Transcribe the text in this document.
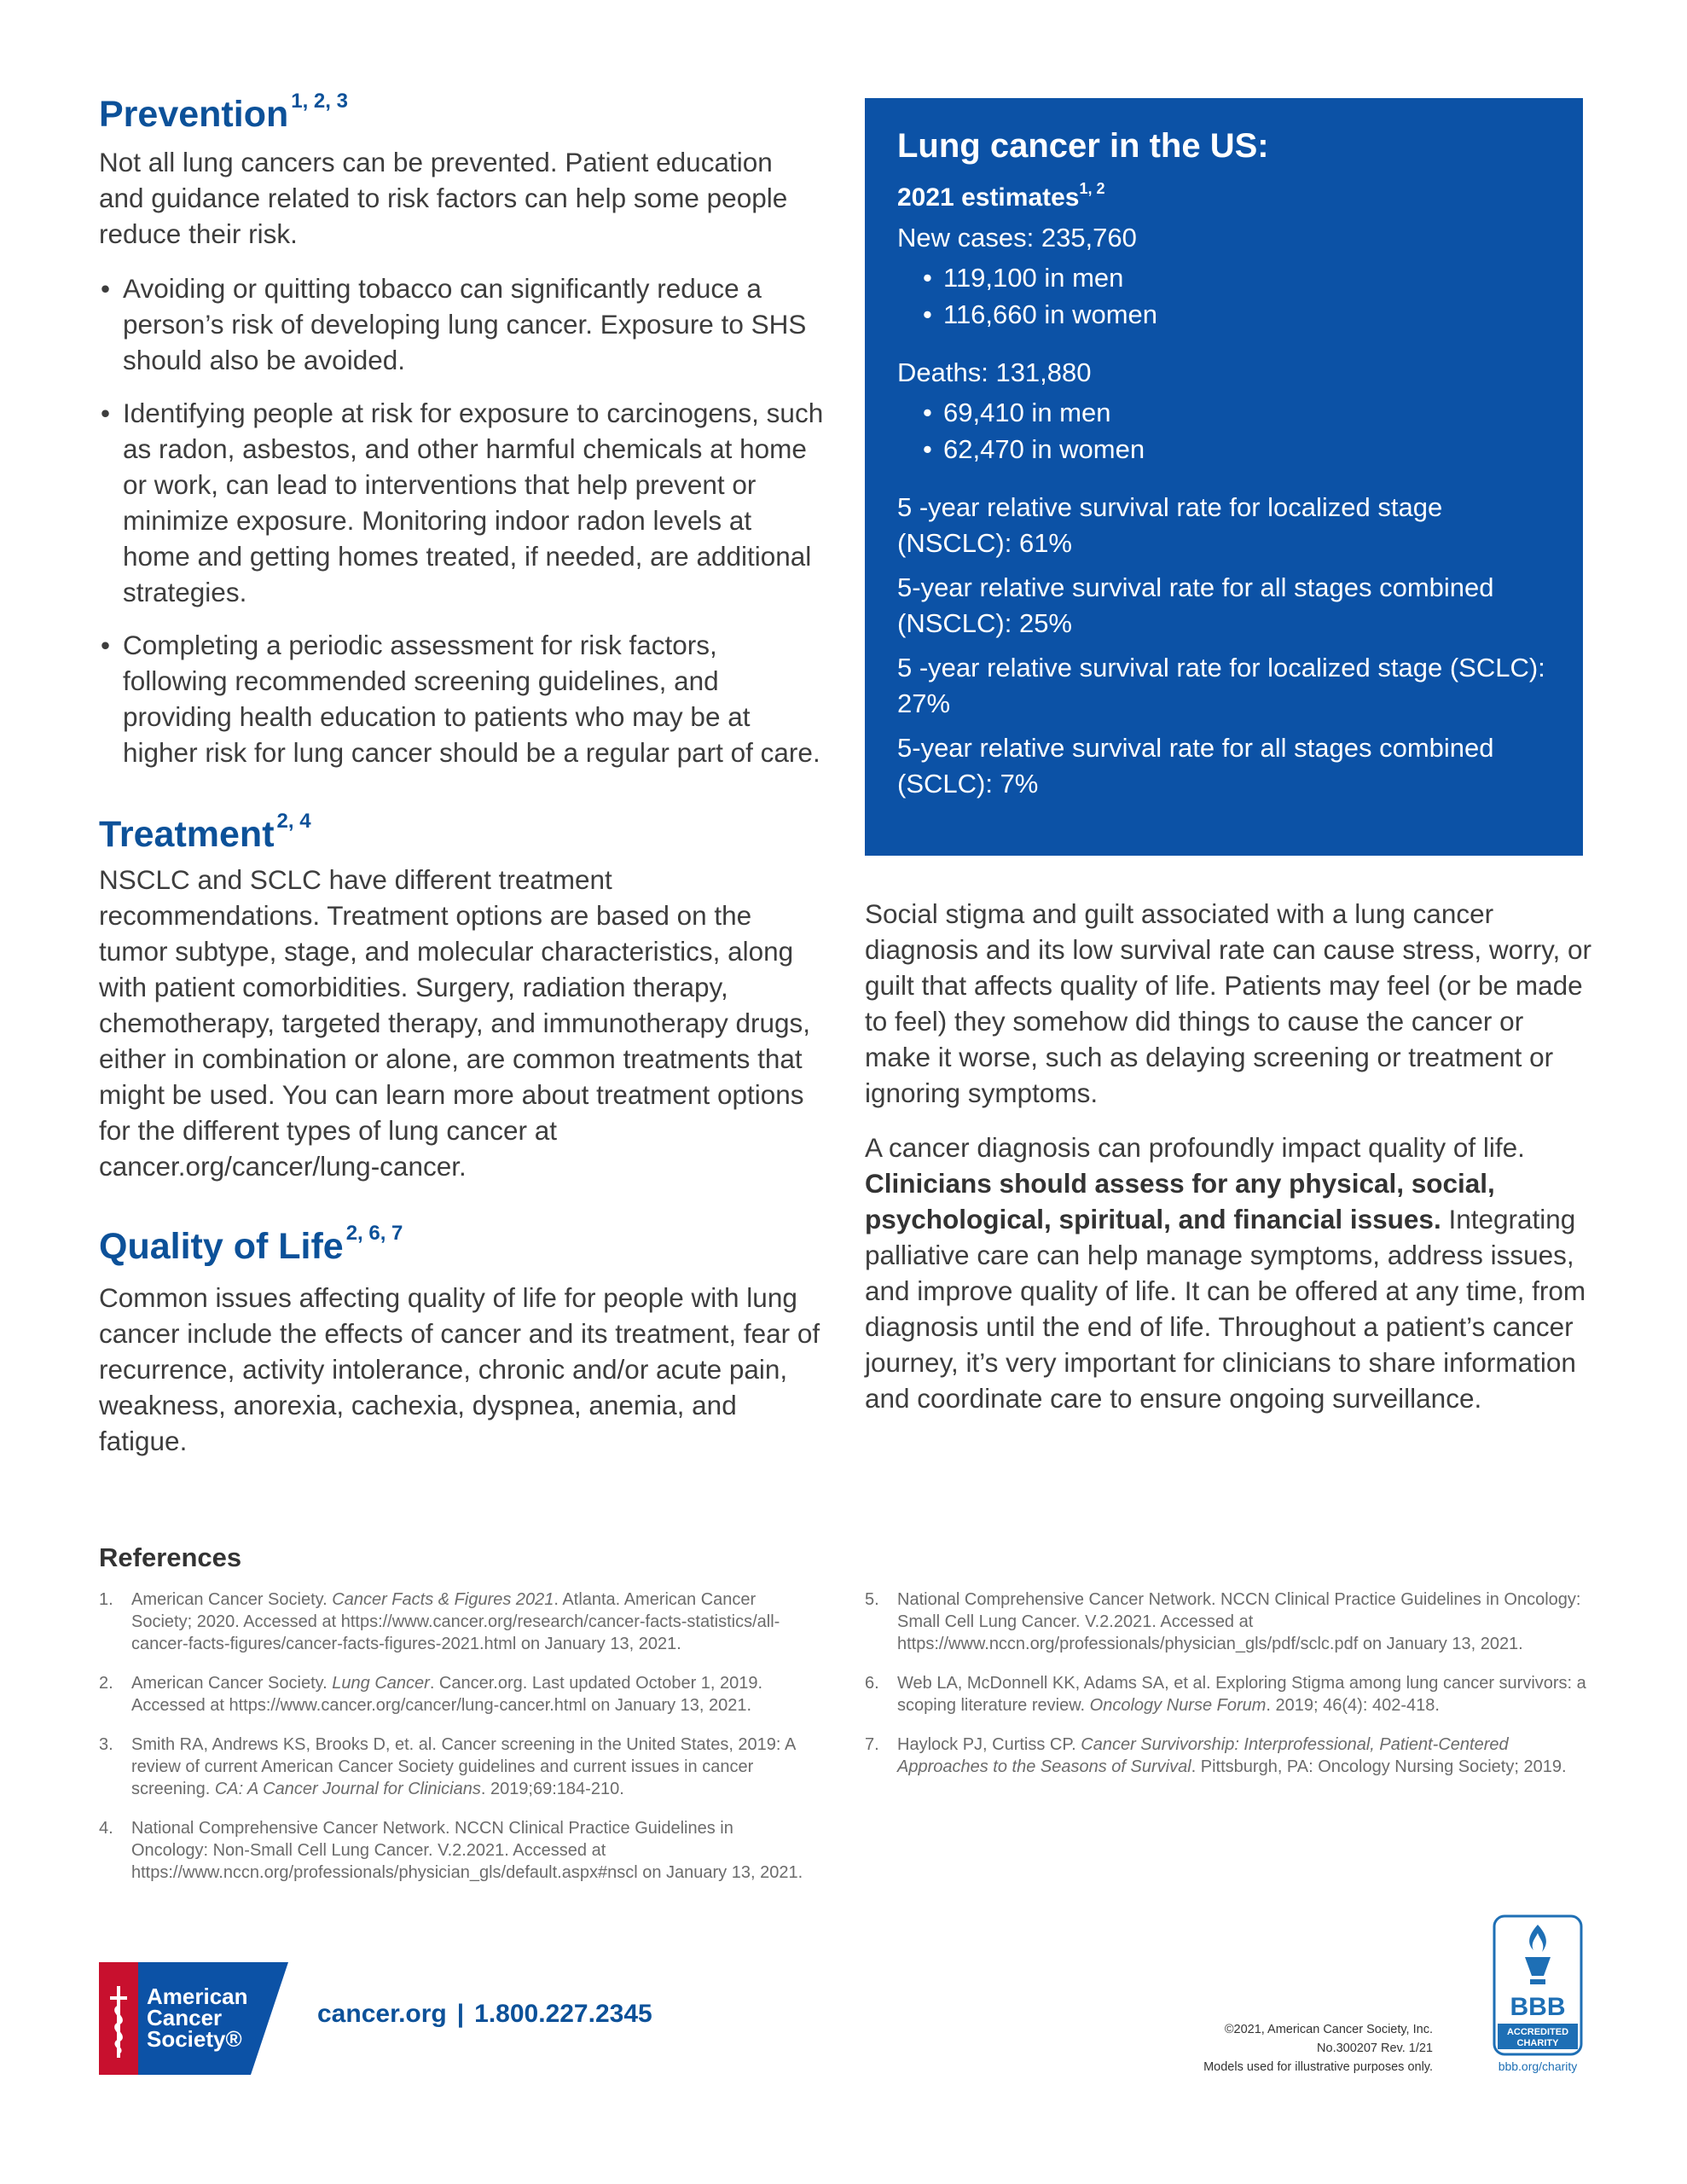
Prevention $^{1, 2, 3}$

Not all lung cancers can be prevented. Patient education and guidance related to risk factors can help some people reduce their risk.

• Avoiding or quitting tobacco can significantly reduce a person’s risk of developing lung cancer. Exposure to SHS should also be avoided.
• Identifying people at risk for exposure to carcinogens, such as radon, asbestos, and other harmful chemicals at home or work, can lead to interventions that help prevent or minimize exposure. Monitoring indoor radon levels at home and getting homes treated, if needed, are additional strategies.
• Completing a periodic assessment for risk factors, following recommended screening guidelines, and providing health education to patients who may be at higher risk for lung cancer should be a regular part of care.
Treatment $^{2, 4}$

NSCLC and SCLC have different treatment recommendations. Treatment options are based on the tumor subtype, stage, and molecular characteristics, along with patient comorbidities. Surgery, radiation therapy, chemotherapy, targeted therapy, and immunotherapy drugs, either in combination or alone, are common treatments that might be used. You can learn more about treatment options for the different types of lung cancer at cancer.org/cancer/lung-cancer.

Quality of Life $^{2, 6, 7}$

Common issues affecting quality of life for people with lung cancer include the effects of cancer and its treatment, fear of recurrence, activity intolerance, chronic and/or acute pain, weakness, anorexia, cachexia, dyspnea, anemia, and fatigue.

Lung cancer in the US:
2021 estimates$^{1, 2}$
New cases: 235,760
• 119,100 in men
• 116,660 in women
Deaths: 131,880
• 69,410 in men
• 62,470 in women
5 -year relative survival rate for localized stage (NSCLC): 61%
5-year relative survival rate for all stages combined (NSCLC): 25%
5 -year relative survival rate for localized stage (SCLC): 27%
5-year relative survival rate for all stages combined (SCLC): 7%

Social stigma and guilt associated with a lung cancer diagnosis and its low survival rate can cause stress, worry, or guilt that affects quality of life. Patients may feel (or be made to feel) they somehow did things to cause the cancer or make it worse, such as delaying screening or treatment or ignoring symptoms.

A cancer diagnosis can profoundly impact quality of life. Clinicians should assess for any physical, social, psychological, spiritual, and financial issues. Integrating palliative care can help manage symptoms, address issues, and improve quality of life. It can be offered at any time, from diagnosis until the end of life. Throughout a patient’s cancer journey, it’s very important for clinicians to share information and coordinate care to ensure ongoing surveillance.

References
1. American Cancer Society. Cancer Facts & Figures 2021. Atlanta. American Cancer Society; 2020. Accessed at https://www.cancer.org/research/cancer-facts-statistics/all-cancer-facts-figures/cancer-facts-figures-2021.html on January 13, 2021.
2. American Cancer Society. Lung Cancer. Cancer.org. Last updated October 1, 2019. Accessed at https://www.cancer.org/cancer/lung-cancer.html on January 13, 2021.
3. Smith RA, Andrews KS, Brooks D, et. al. Cancer screening in the United States, 2019: A review of current American Cancer Society guidelines and current issues in cancer screening. CA: A Cancer Journal for Clinicians. 2019;69:184-210.
4. National Comprehensive Cancer Network. NCCN Clinical Practice Guidelines in Oncology: Non-Small Cell Lung Cancer. V.2.2021. Accessed at https://www.nccn.org/professionals/physician_gls/default.aspx#nscl on January 13, 2021.
5. National Comprehensive Cancer Network. NCCN Clinical Practice Guidelines in Oncology: Small Cell Lung Cancer. V.2.2021. Accessed at https://www.nccn.org/professionals/physician_gls/pdf/sclc.pdf on January 13, 2021.
6. Web LA, McDonnell KK, Adams SA, et al. Exploring Stigma among lung cancer survivors: a scoping literature review. Oncology Nurse Forum. 2019; 46(4): 402-418.
7. Haylock PJ, Curtiss CP. Cancer Survivorship: Interprofessional, Patient-Centered Approaches to the Seasons of Survival. Pittsburgh, PA: Oncology Nursing Society; 2019.
American
Cancer
Society®
cancer.org | 1.800.227.2345
©2021, American Cancer Society, Inc.
No.300207 Rev. 1/21
Models used for illustrative purposes only.
BBB
ACCREDITED
CHARITY
bbb.org/charity
